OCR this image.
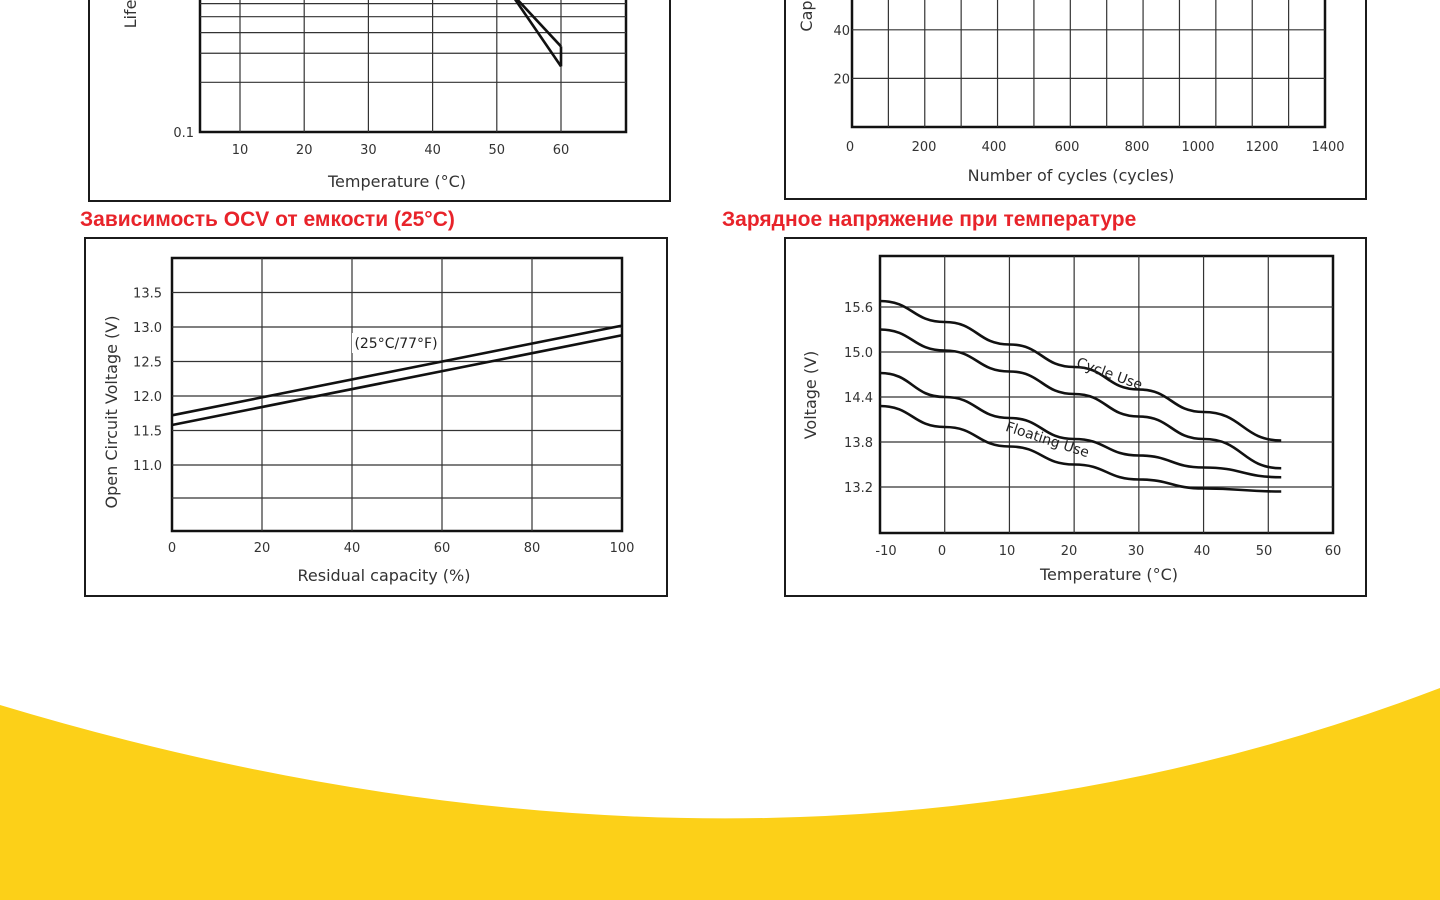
Зависимость OCV от емкости (25°C)	Зарядное напряжение при температуре
10	20	30	40	50	60
0.1
Temperature (°C)
Life
0	200	400	600	800 1000 1200	1400
20
40
Number of cycles (cycles)
Cap
0	20	40	60	80	100
13.5
13.0
12.5
12.0
11.5
11.0
Residual capacity (%)
Open Circuit Voltage (V)	(25°C/77°F)
-10	0	10	20	30	40	50	60
15.6
15.0
14.4
13.8
13.2
Temperature (°C)
Voltage (V)	Cycle Use
Floating Use
